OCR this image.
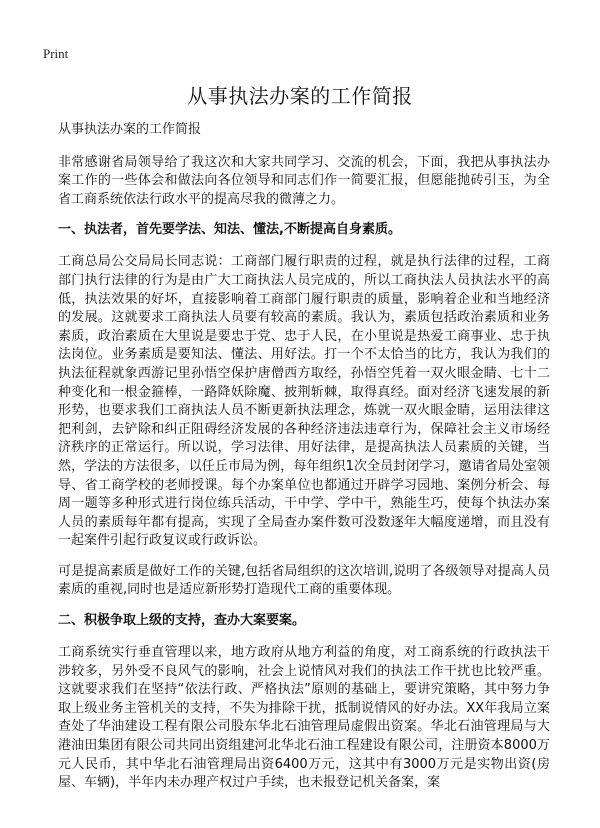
Print
从事执法办案的工作简报

从事执法办案的工作简报

非常感谢省局领导给了我这次和大家共同学习、交流的机会，下面，我把从事执法办案工作的一些体会和做法向各位领导和同志们作一简要汇报，但愿能抛砖引玉，为全省工商系统依法行政水平的提高尽我的微薄之力。

一、执法者，首先要学法、知法、懂法,不断提高自身素质。

工商总局公交局局长同志说：工商部门履行职责的过程，就是执行法律的过程，工商部门执行法律的行为是由广大工商执法人员完成的，所以工商执法人员执法水平的高低，执法效果的好坏，直接影响着工商部门履行职责的质量，影响着企业和当地经济的发展。这就要求工商执法人员要有较高的素质。我认为，素质包括政治素质和业务素质，政治素质在大里说是要忠于党、忠于人民，在小里说是热爱工商事业、忠于执法岗位。业务素质是要知法、懂法、用好法。打一个不太恰当的比方，我认为我们的执法征程就象西游记里孙悟空保护唐僧西方取经，孙悟空凭着一双火眼金睛、七十二种变化和一根金箍棒，一路降妖除魔、披荆斩棘，取得真经。面对经济飞速发展的新形势，也要求我们工商执法人员不断更新执法理念，炼就一双火眼金睛，运用法律这把利剑，去铲除和纠正阻碍经济发展的各种经济违法违章行为，保障社会主义市场经济秩序的正常运行。所以说，学习法律、用好法律，是提高执法人员素质的关键，当然，学法的方法很多，以任丘市局为例，每年组织1次全员封闭学习，邀请省局处室领导、省工商学校的老师授课。每个办案单位也都通过开辟学习园地、案例分析会、每周一题等多种形式进行岗位练兵活动，干中学、学中干，熟能生巧，使每个执法办案人员的素质每年都有提高，实现了全局查办案件数可没数逐年大幅度递增，而且没有一起案件引起行政复议或行政诉讼。

可是提高素质是做好工作的关键,包括省局组织的这次培训,说明了各级领导对提高人员素质的重视,同时也是适应新形势打造现代工商的重要体现。

二、积极争取上级的支持，查办大案要案。

工商系统实行垂直管理以来，地方政府从地方利益的角度，对工商系统的行政执法干涉较多，另外受不良风气的影响，社会上说情风对我们的执法工作干扰也比较严重。这就要求我们在坚持“依法行政、严格执法”原则的基础上，要讲究策略，其中努力争取上级业务主管机关的支持，不失为排除干扰，抵制说情风的好办法。XX年我局立案查处了华油建设工程有限公司股东华北石油管理局虚假出资案。华北石油管理局与大港油田集团有限公司共同出资组建河北华北石油工程建设有限公司，注册资本8000万元人民币，其中华北石油管理局出资6400万元，这其中有3000万元是实物出资(房屋、车辆)，半年内未办理产权过户手续，也未报登记机关备案，案
